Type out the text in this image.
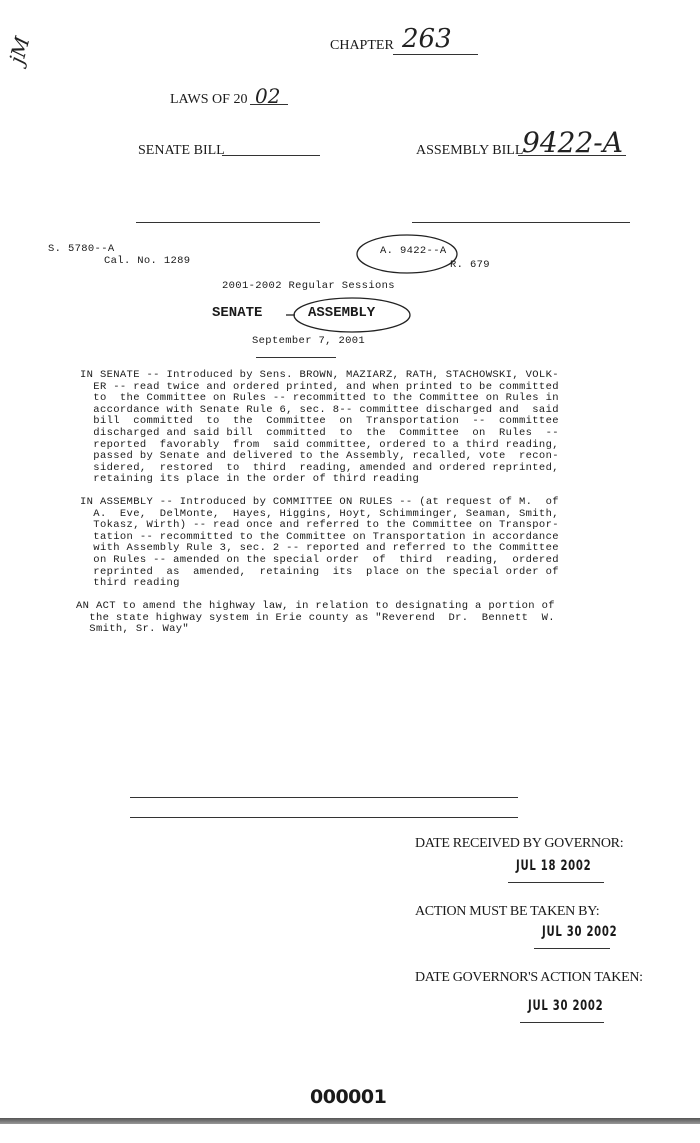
jM	CHAPTER 263
LAWS OF 20 02
SENATE BILL	ASSEMBLY BILL
9422-A
S. 5780--A
Cal. No. 1289
A. 9422--A
R. 679
2001-2002 Regular Sessions
SENATE	ASSEMBLY
September 7, 2001
IN SENATE -- Introduced by Sens. BROWN, MAZIARZ, RATH, STACHOWSKI, VOLK-
ER -- read twice and ordered printed, and when printed to be committed
to  the Committee on Rules -- recommitted to the Committee on Rules in
accordance with Senate Rule 6, sec. 8-- committee discharged and  said
bill  committed  to  the  Committee  on  Transportation  --  committee
discharged and said bill  committed  to  the  Committee  on  Rules  --
reported  favorably  from  said committee, ordered to a third reading,
passed by Senate and delivered to the Assembly, recalled, vote  recon-
sidered,  restored  to  third  reading, amended and ordered reprinted,
retaining its place in the order of third reading
IN ASSEMBLY -- Introduced by COMMITTEE ON RULES -- (at request of M.  of
A.  Eve,  DelMonte,  Hayes, Higgins, Hoyt, Schimminger, Seaman, Smith,
Tokasz, Wirth) -- read once and referred to the Committee on Transpor-
tation -- recommitted to the Committee on Transportation in accordance
with Assembly Rule 3, sec. 2 -- reported and referred to the Committee
on Rules -- amended on the special order  of  third  reading,  ordered
reprinted  as  amended,  retaining  its  place on the special order of
third reading
AN ACT to amend the highway law, in relation to designating a portion of
the state highway system in Erie county as "Reverend  Dr.  Bennett  W.
Smith, Sr. Way"
DATE RECEIVED BY GOVERNOR:
JUL 18 2002
ACTION MUST BE TAKEN BY:
JUL 30 2002
DATE GOVERNOR'S ACTION TAKEN:
JUL 30 2002
000001
